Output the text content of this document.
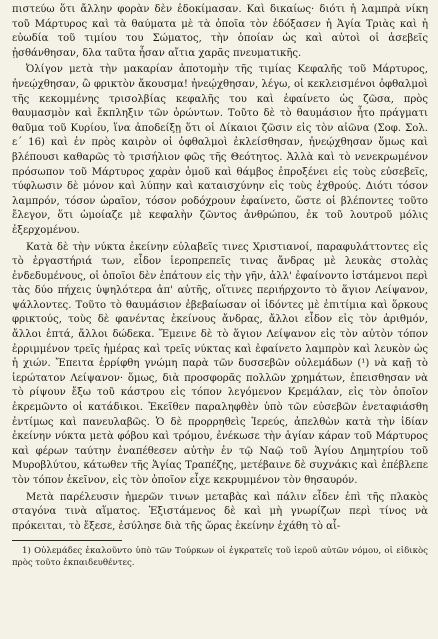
πιστεύω ὅτι ἄλλην φορὰν δὲν ἐδοκίμασαν. Καὶ δικαίως· διότι ἡ λαμπρὰ νίκη τοῦ Μάρτυρος καὶ τὰ θαύματα μὲ τὰ ὁποῖα τὸν ἐδόξασεν ἡ Ἁγία Τριὰς καὶ ἡ εὐωδία τοῦ τιμίου του Σώματος, τὴν ὁποίαν ὡς καὶ αὐτοὶ οἱ ἀσεβεῖς ᾐσθάνθησαν, δλα ταῦτα ἦσαν αἴτια χαρᾶς πνευματικῆς.

Ὀλίγον μετὰ τὴν μακαρίαν ἀποτομὴν τῆς τιμίας Κεφαλῆς τοῦ Μάρτυρος, ἠνεῴχθησαν, ὢ φρικτὸν ἄκουσμα! ἠνεῴχθησαν, λέγω, οἱ κεκλεισμένοι ὀφθαλμοὶ τῆς κεκομμένης τρισολβίας κεφαλῆς του καὶ ἐφαίνετο ὡς ζῶσα, πρὸς θαυμασμὸν καὶ ἔκπληξιν τῶν ὁρώντων. Τοῦτο δὲ τὸ θαυμάσιον ἦτο πράγματι θαῦμα τοῦ Κυρίου, ἵνα ἀποδείξῃ ὅτι οἱ Δίκαιοι ζῶσιν εἰς τὸν αἰῶνα (Σοφ. Σολ. ε΄ 16) καὶ ἐν πρὸς καιρὸν οἱ ὀφθαλμοὶ ἐκλείσθησαν, ἠνεῴχθησαν ὅμως καὶ βλέπουσι καθαρῶς τὸ τρισήλιον φῶς τῆς Θεότητος. Ἀλλὰ καὶ τὸ νενεκρωμένον πρόσωπον τοῦ Μάρτυρος χαρὰν ὁμοῦ καὶ θάμβος ἐπροξένει εἰς τοὺς εὐσεβεῖς, τύφλωσιν δὲ μόνον καὶ λύπην καὶ καταισχύνην εἰς τοὺς ἐχθρούς. Διότι τόσον λαμπρόν, τόσον ὡραῖον, τόσον ροδόχρουν ἐφαίνετο, ὥστε οἱ βλέποντες τοῦτο ἔλεγον, ὅτι ὡμοίαζε μὲ κεφαλὴν ζῶντος ἀνθρώπου, ἐκ τοῦ λουτροῦ μόλις ἐξερχομένου.

Κατὰ δὲ τὴν νύκτα ἐκείνην εὐλαβεῖς τινες Χριστιανοί, παραφυλάττοντες εἰς τὸ ἐργαστήριά των, εἶδον ἱεροπρεπεῖς τινας ἄνδρας μὲ λευκὰς στολὰς ἐνδεδυμένους, οἱ ὁποῖοι δὲν ἐπάτουν εἰς τὴν γῆν, ἀλλ' ἐφαίνοντο ἱστάμενοι περὶ τὰς δύο πήχεις ὑψηλότερα ἀπ' αὐτῆς, οἵτινες περιήρχοντο τὸ ἅγιον Λείψανον, ψάλλοντες. Τοῦτο τὸ θαυμάσιον ἐβεβαίωσαν οἱ ἰδόντες μὲ ἐπιτίμια καὶ ὅρκους φρικτούς, τοὺς δὲ φανέντας ἐκείνους ἄνδρας, ἄλλοι εἶδον εἰς τὸν ἀριθμόν, ἄλλοι ἑπτά, ἄλλοι δώδεκα. Ἔμεινε δὲ τὸ ἅγιον Λείψανον εἰς τὸν αὐτὸν τόπον ἐρριμμένον τρεῖς ἡμέρας καὶ τρεῖς νύκτας καὶ ἐφαίνετο λαμπρὸν καὶ λευκὸν ὡς ἡ χιών. Ἔπειτα ἐρρίφθη γνώμη παρὰ τῶν δυσσεβῶν οὐλεμάδων (¹) νὰ καῇ τὸ ἱερώτατον Λείψανον· ὅμως, διὰ προσφορᾶς πολλῶν χρημάτων, ἐπεισθησαν νὰ τὸ ρίψουν ἔξω τοῦ κάστρου εἰς τόπον λεγόμενον Κρεμάλαν, εἰς τὸν ὁποῖον ἐκρεμῶντο οἱ κατάδικοι. Ἐκεῖθεν παραληφθὲν ὑπὸ τῶν εὐσεβῶν ἐνεταφιάσθη ἐντίμως καὶ πανευλαβῶς. Ὁ δὲ προρρηθεὶς Ἱερεύς, ἀπελθὼν κατὰ τὴν ἰδίαν ἐκείνην νύκτα μετὰ φόβου καὶ τρόμου, ἐνέκωσε τὴν ἁγίαν κάραν τοῦ Μάρτυρος καὶ φέρων ταύτην ἐναπέθεσεν αὐτὴν ἐν τῷ Ναῷ τοῦ Ἁγίου Δημητρίου τοῦ Μυροβλύτου, κάτωθεν τῆς Ἁγίας Τραπέζης, μετέβαινε δὲ συχνάκις καὶ ἐπέβλεπε τὸν τόπον ἐκεῖνον, εἰς τὸν ὁποῖον εἶχε κεκρυμμένον τὸν θησαυρόν.

Μετὰ παρέλευσιν ἡμερῶν τινων μεταβὰς καὶ πάλιν εἶδεν ἐπὶ τῆς πλακὸς σταγόνα τινὰ αἵματος. Ἐξιστάμενος δὲ καὶ μὴ γνωρίζων περὶ τίνος νὰ πρόκειται, τὸ ἔξεσε, ἐσύλησε διὰ τῆς ὥρας ἐκείνην ἐχάθη τὸ αἷ-

1) Οὐλεμάδες ἐκαλοῦντο ὑπὸ τῶν Τούρκων οἱ ἐγκρατεῖς τοῦ ἱεροῦ αὐτῶν νόμου, οἱ εἰδικὸς πρὸς τοῦτο ἐκπαιδευθέντες.
